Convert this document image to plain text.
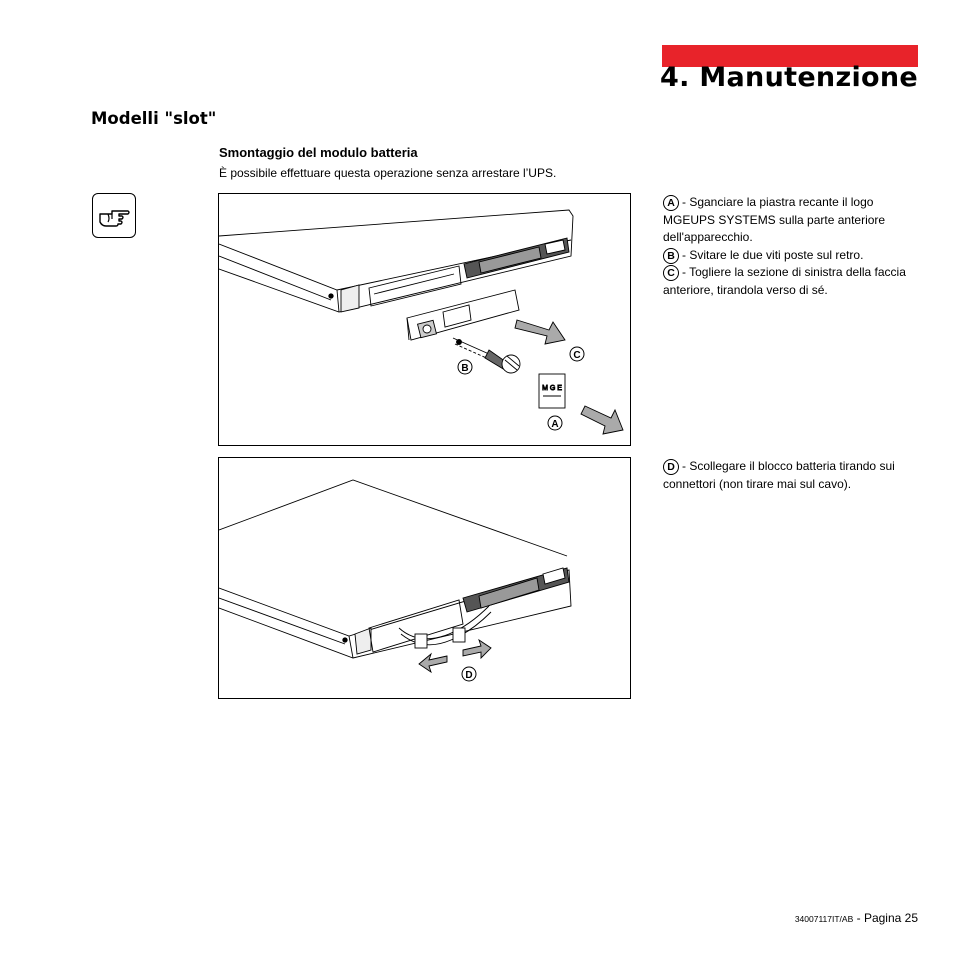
4. Manutenzione
Modelli "slot"
Smontaggio del modulo batteria

È possibile effettuare questa operazione senza arrestare l’UPS.

M G E
B
C
A
D

A - Sganciare la piastra recante il logo MGEUPS SYSTEMS sulla parte anteriore dell'apparecchio.

B - Svitare le due viti poste sul retro.

C - Togliere la sezione di sinistra della faccia anteriore, tirandola verso di sé.

D - Scollegare il blocco batteria tirando sui connettori (non tirare mai sul cavo).

34007117IT/AB - Pagina 25
